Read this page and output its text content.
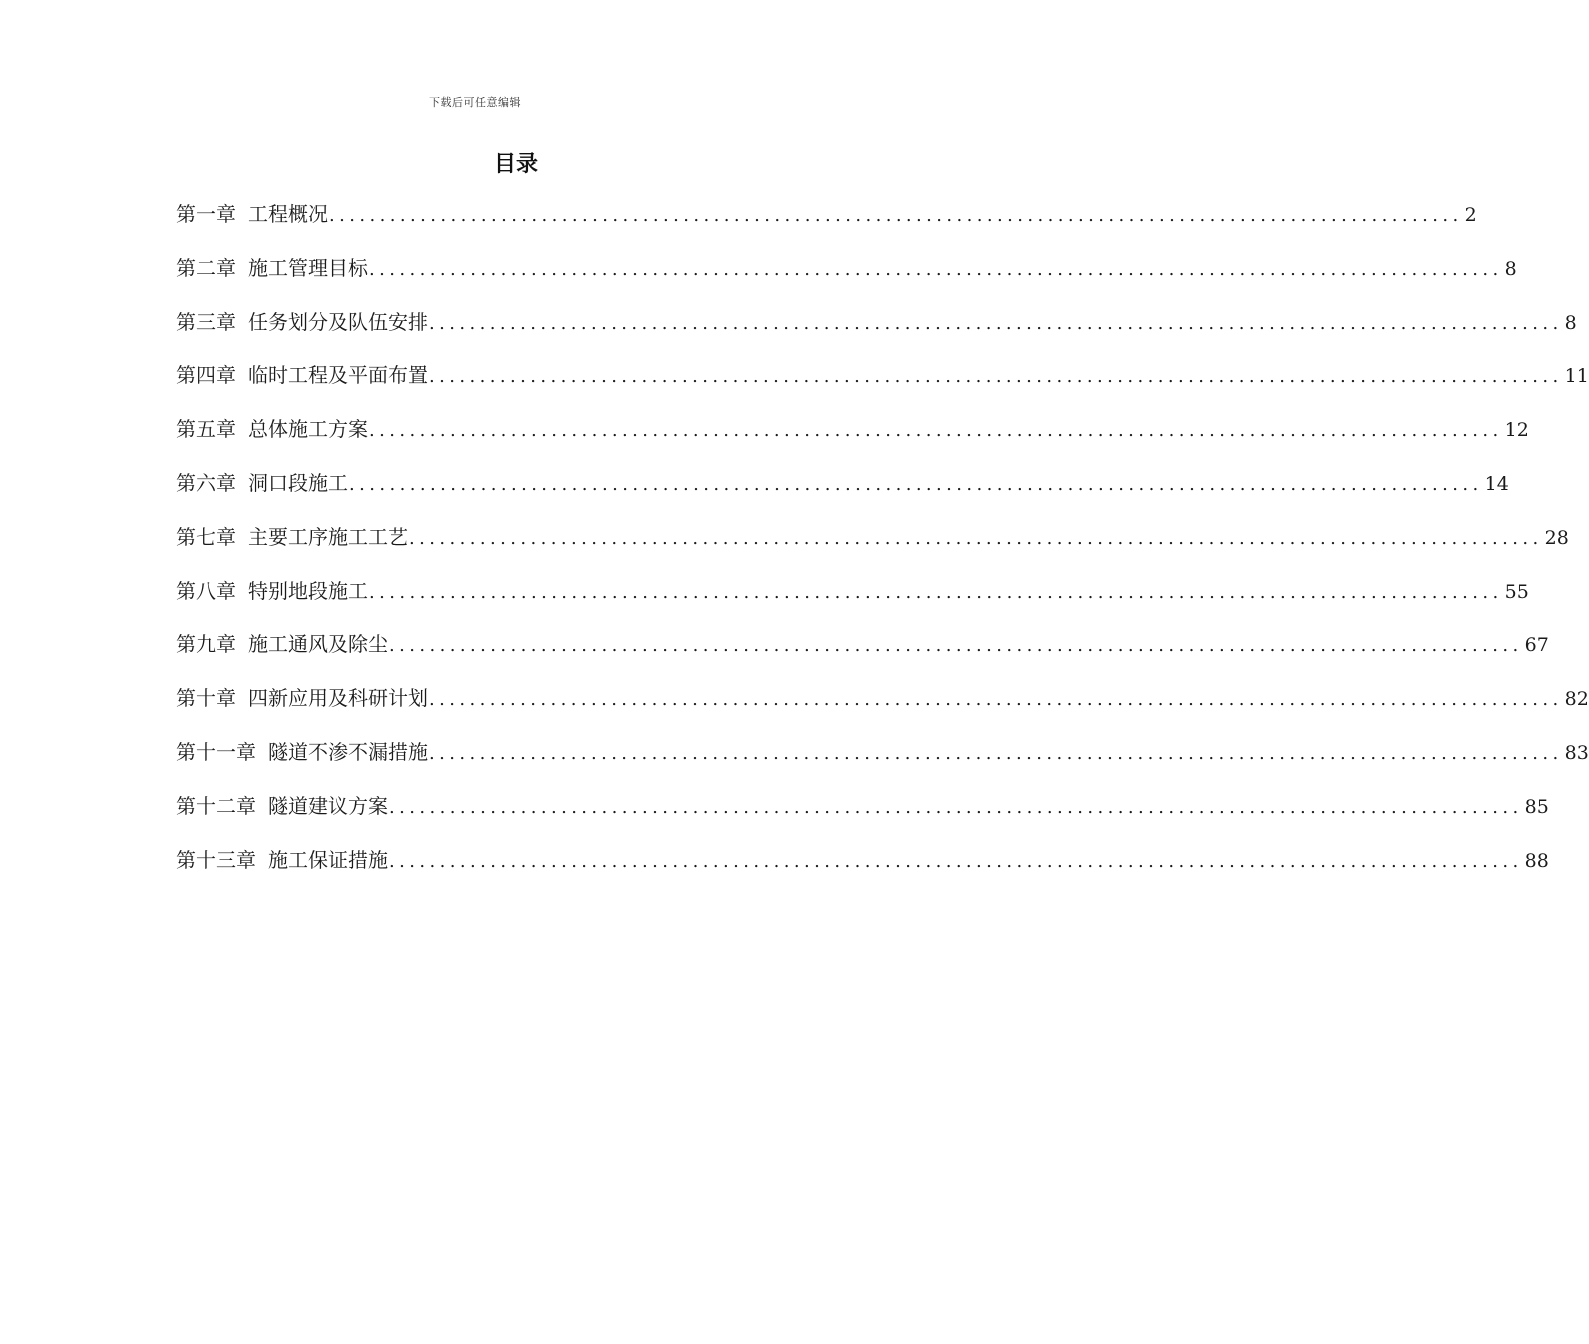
下载后可任意编辑
目录
第一章 工程概况 ................................................................................................................ 2
第二章 施工管理目标 ................................................................................................................ 8
第三章 任务划分及队伍安排 ................................................................................................................ 8
第四章 临时工程及平面布置 ................................................................................................................ 11
第五章 总体施工方案 ................................................................................................................ 12
第六章 洞口段施工 ................................................................................................................ 14
第七章 主要工序施工工艺 ................................................................................................................ 28
第八章 特别地段施工 ................................................................................................................ 55
第九章 施工通风及除尘 ................................................................................................................ 67
第十章 四新应用及科研计划 ................................................................................................................ 82
第十一章 隧道不渗不漏措施 ................................................................................................................ 83
第十二章 隧道建议方案 ................................................................................................................ 85
第十三章 施工保证措施 ................................................................................................................ 88
